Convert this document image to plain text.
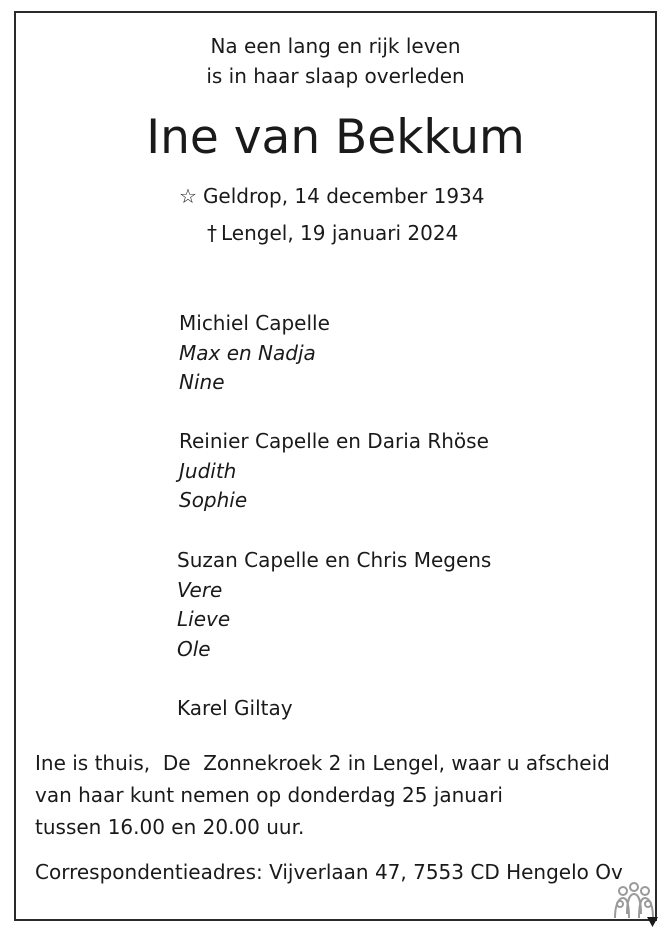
Na een lang en rijk leven
is in haar slaap overleden
Ine van Bekkum
☆ Geldrop, 14 december 1934
† Lengel, 19 januari 2024
Michiel Capelle
Max en Nadja
Nine
Reinier Capelle en Daria Rhöse
Judith
Sophie
Suzan Capelle en Chris Megens
Vere
Lieve
Ole
Karel Giltay
Ine is thuis,  De  Zonnekroek 2 in Lengel, waar u afscheid
van haar kunt nemen op donderdag 25 januari
tussen 16.00 en 20.00 uur.
Correspondentieadres: Vijverlaan 47, 7553 CD Hengelo Ov
